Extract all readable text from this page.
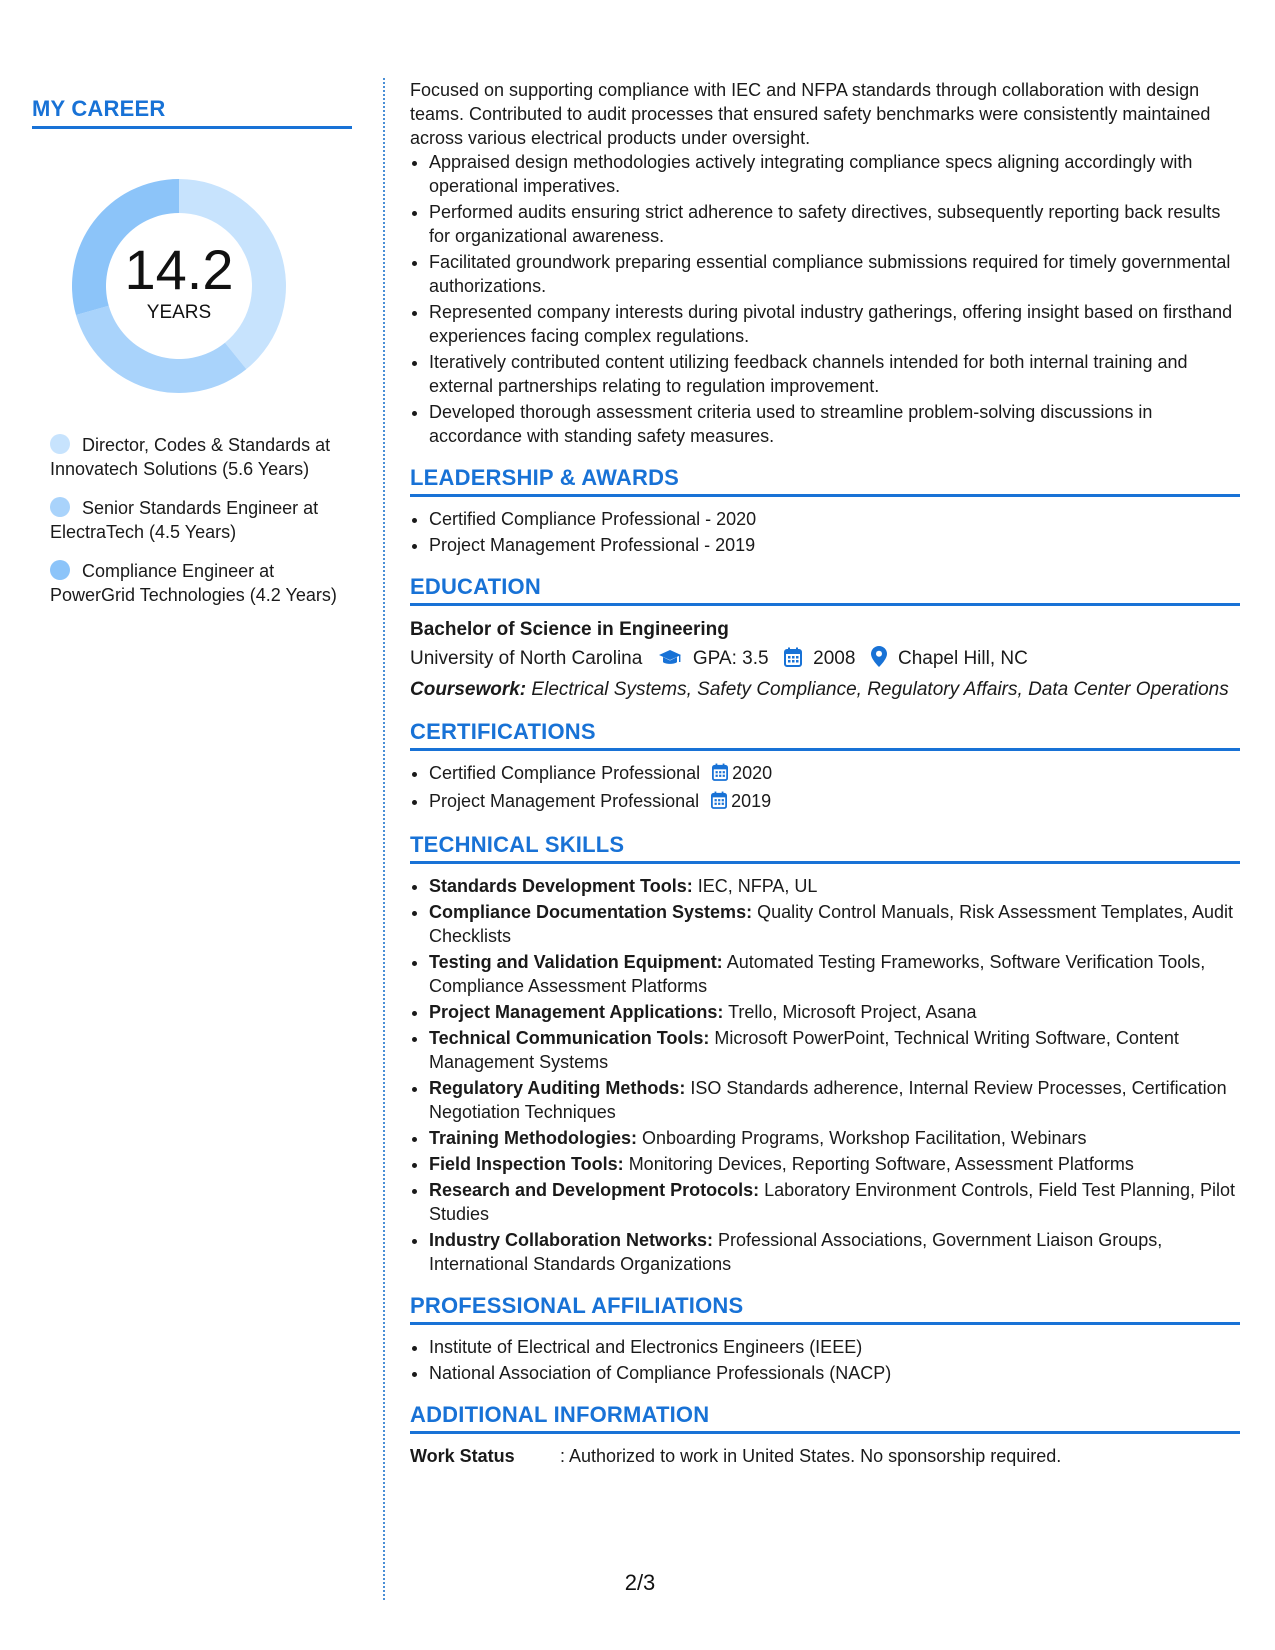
MY CAREER
14.2
YEARS
Director, Codes & Standards at Innovatech Solutions (5.6 Years)
Senior Standards Engineer at ElectraTech (4.5 Years)
Compliance Engineer at PowerGrid Technologies (4.2 Years)

Focused on supporting compliance with IEC and NFPA standards through collaboration with design teams. Contributed to audit processes that ensured safety benchmarks were consistently maintained across various electrical products under oversight.

• Appraised design methodologies actively integrating compliance specs aligning accordingly with operational imperatives.
• Performed audits ensuring strict adherence to safety directives, subsequently reporting back results for organizational awareness.
• Facilitated groundwork preparing essential compliance submissions required for timely governmental authorizations.
• Represented company interests during pivotal industry gatherings, offering insight based on firsthand experiences facing complex regulations.
• Iteratively contributed content utilizing feedback channels intended for both internal training and external partnerships relating to regulation improvement.
• Developed thorough assessment criteria used to streamline problem-solving discussions in accordance with standing safety measures.
LEADERSHIP & AWARDS
• Certified Compliance Professional - 2020
• Project Management Professional - 2019
EDUCATION
Bachelor of Science in Engineering
University of North Carolina	GPA: 3.5 2008 Chapel Hill, NC
Coursework: Electrical Systems, Safety Compliance, Regulatory Affairs, Data Center Operations
CERTIFICATIONS
• Certified Compliance Professional 2020
• Project Management Professional 2019
TECHNICAL SKILLS
• Standards Development Tools: IEC, NFPA, UL
• Compliance Documentation Systems: Quality Control Manuals, Risk Assessment Templates, Audit Checklists
• Testing and Validation Equipment: Automated Testing Frameworks, Software Verification Tools, Compliance Assessment Platforms
• Project Management Applications: Trello, Microsoft Project, Asana
• Technical Communication Tools: Microsoft PowerPoint, Technical Writing Software, Content Management Systems
• Regulatory Auditing Methods: ISO Standards adherence, Internal Review Processes, Certification Negotiation Techniques
• Training Methodologies: Onboarding Programs, Workshop Facilitation, Webinars
• Field Inspection Tools: Monitoring Devices, Reporting Software, Assessment Platforms
• Research and Development Protocols: Laboratory Environment Controls, Field Test Planning, Pilot Studies
• Industry Collaboration Networks: Professional Associations, Government Liaison Groups, International Standards Organizations
PROFESSIONAL AFFILIATIONS
• Institute of Electrical and Electronics Engineers (IEEE)
• National Association of Compliance Professionals (NACP)
ADDITIONAL INFORMATION
Work Status	: Authorized to work in United States. No sponsorship required.
2/3
